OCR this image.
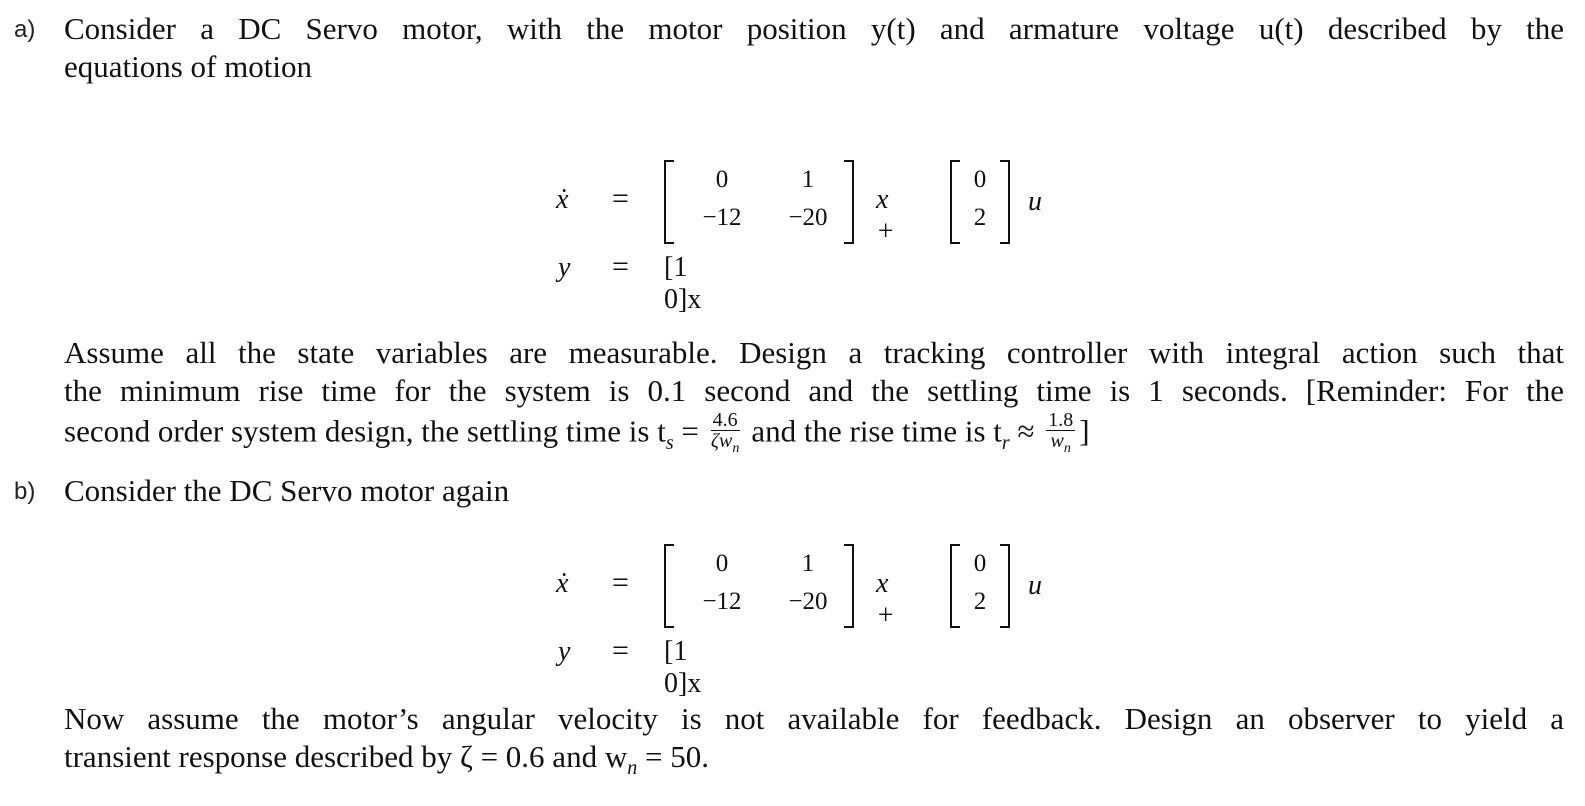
a) Consider a DC Servo motor, with the motor position y(t) and armature voltage u(t) described by the
equations of motion
ẋ =
0	1
−12	−20
x +
0
2
u
y = [1 0]x
Assume all the state variables are measurable. Design a tracking controller with integral action such that
the minimum rise time for the system is 0.1 second and the settling time is 1 seconds. [Reminder: For the
second order system design, the settling time is $t_s = \frac{4.6}{\zeta w_n}$ and the rise time is $t_r \approx \frac{1.8}{w_n}$ ]
b) Consider the DC Servo motor again
ẋ =
0	1
−12	−20
x +
0
2
u
y = [1 0]x
Now assume the motor’s angular velocity is not available for feedback. Design an observer to yield a
transient response described by ζ = 0.6 and $w_n = 50$.
